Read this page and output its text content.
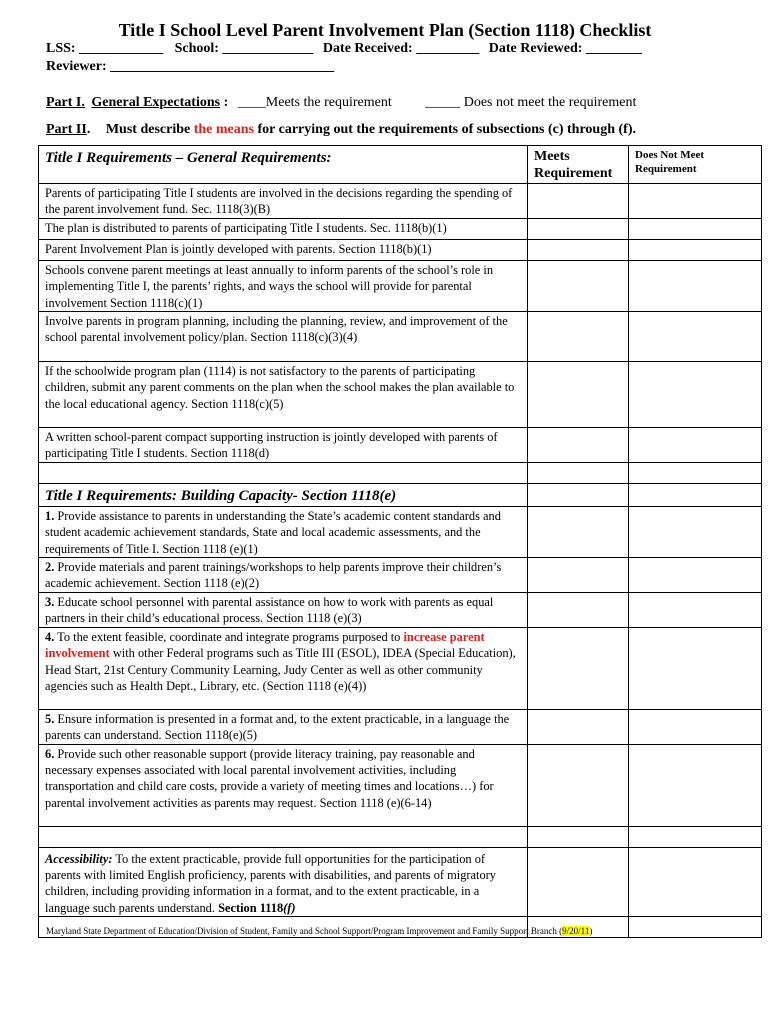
Title I School Level Parent Involvement Plan (Section 1118) Checklist
LSS: ____________ School: _____________ Date Received: _________ Date Reviewed: ________
Reviewer: ________________________________
Part I. General Expectations : ____Meets the requirement _____ Does not meet the requirement
Part II. Must describe the means for carrying out the requirements of subsections (c) through (f).
Title I Requirements – General Requirements:	Meets Requirement	Does Not Meet Requirement
Parents of participating Title I students are involved in the decisions regarding the spending of the parent involvement fund. Sec. 1118(3)(B)		
The plan is distributed to parents of participating Title I students. Sec. 1118(b)(1)		
Parent Involvement Plan is jointly developed with parents. Section 1118(b)(1)		
Schools convene parent meetings at least annually to inform parents of the school’s role in implementing Title I, the parents’ rights, and ways the school will provide for parental involvement Section 1118(c)(1)		
Involve parents in program planning, including the planning, review, and improvement of the school parental involvement policy/plan. Section 1118(c)(3)(4)		
If the schoolwide program plan (1114) is not satisfactory to the parents of participating children, submit any parent comments on the plan when the school makes the plan available to the local educational agency. Section 1118(c)(5)		
A written school-parent compact supporting instruction is jointly developed with parents of participating Title I students. Section 1118(d)		

Title I Requirements: Building Capacity- Section 1118(e)		
1. Provide assistance to parents in understanding the State’s academic content standards and student academic achievement standards, State and local academic assessments, and the requirements of Title I. Section 1118 (e)(1)		
2. Provide materials and parent trainings/workshops to help parents improve their children’s academic achievement. Section 1118 (e)(2)		
3. Educate school personnel with parental assistance on how to work with parents as equal partners in their child’s educational process. Section 1118 (e)(3)		
4. To the extent feasible, coordinate and integrate programs purposed to increase parent involvement with other Federal programs such as Title III (ESOL), IDEA (Special Education), Head Start, 21st Century Community Learning, Judy Center as well as other community agencies such as Health Dept., Library, etc. (Section 1118 (e)(4))		
5. Ensure information is presented in a format and, to the extent practicable, in a language the parents can understand. Section 1118(e)(5)		
6. Provide such other reasonable support (provide literacy training, pay reasonable and necessary expenses associated with local parental involvement activities, including transportation and child care costs, provide a variety of meeting times and locations…) for parental involvement activities as parents may request. Section 1118 (e)(6-14)		

Accessibility: To the extent practicable, provide full opportunities for the participation of parents with limited English proficiency, parents with disabilities, and parents of migratory children, including providing information in a format, and to the extent practicable, in a language such parents understand. Section 1118(f)		

Maryland State Department of Education/Division of Student, Family and School Support/Program Improvement and Family Support Branch (9/20/11)
